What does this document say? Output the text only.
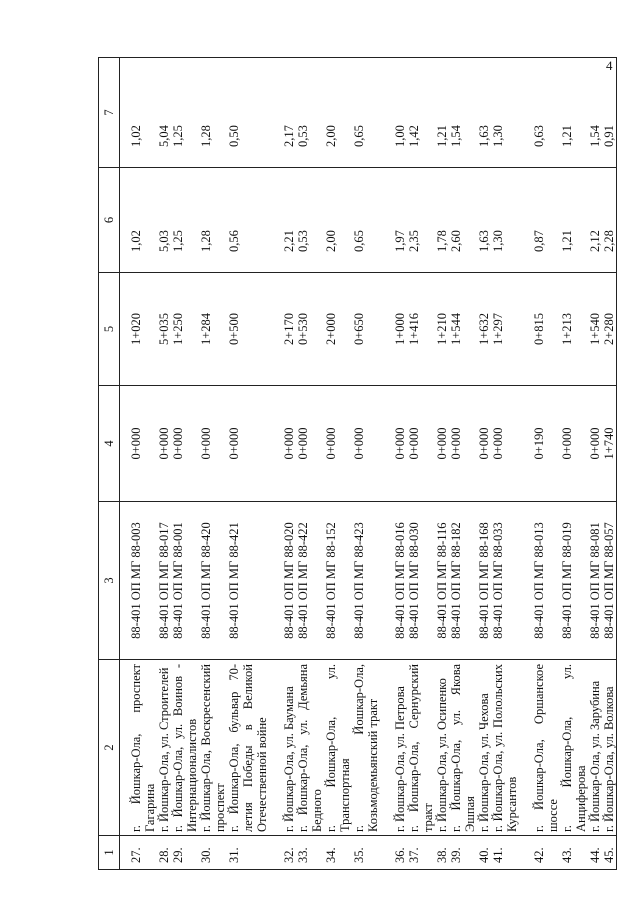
4
1	2	3	4	5	6	7

27.	г. Йошкар-Ола, проспект Гагарина	88-401 ОП МГ 88-003	0+000	1+020	1,02	1,02
28.	г. Йошкар-Ола, ул. Строителей	88-401 ОП МГ 88-017	0+000	5+035	5,03	5,04
29.	г. Йошкар-Ола, ул. Воинов - Интернационалистов	88-401 ОП МГ 88-001	0+000	1+250	1,25	1,25
30.	г. Йошкар-Ола, Воскресенский проспект	88-401 ОП МГ 88-420	0+000	1+284	1,28	1,28
31.	г. Йошкар-Ола, бульвар 70-летия Победы в Великой Отечественной войне	88-401 ОП МГ 88-421	0+000	0+500	0,56	0,50

32.	г. Йошкар-Ола, ул. Баумана	88-401 ОП МГ 88-020	0+000	2+170	2,21	2,17
33.	г. Йошкар-Ола, ул. Демьяна Бедного	88-401 ОП МГ 88-422	0+000	0+530	0,53	0,53
34.	г. Йошкар-Ола, ул. Транспортная	88-401 ОП МГ 88-152	0+000	2+000	2,00	2,00
35.	г. Йошкар-Ола, Козьмодемьянский тракт	88-401 ОП МГ 88-423	0+000	0+650	0,65	0,65

36.	г. Йошкар-Ола, ул. Петрова	88-401 ОП МГ 88-016	0+000	1+000	1,97	1,00
37.	г. Йошкар-Ола, Сернурский тракт	88-401 ОП МГ 88-030	0+000	1+416	2,35	1,42
38.	г. Йошкар-Ола, ул. Осипенко	88-401 ОП МГ 88-116	0+000	1+210	1,78	1,21
39.	г. Йошкар-Ола, ул. Якова Эшпая	88-401 ОП МГ 88-182	0+000	1+544	2,60	1,54
40.	г. Йошкар-Ола, ул. Чехова	88-401 ОП МГ 88-168	0+000	1+632	1,63	1,63
41.	г. Йошкар-Ола, ул. Полольских Курсантов	88-401 ОП МГ 88-033	0+000	1+297	1,30	1,30

42.	г. Йошкар-Ола, Оршанское шоссе	88-401 ОП МГ 88-013	0+190	0+815	0,87	0,63
43.	г. Йошкар-Ола, ул. Анциферова	88-401 ОП МГ 88-019	0+000	1+213	1,21	1,21
44.	г. Йошкар-Ола, ул. Зарубина	88-401 ОП МГ 88-081	0+000	1+540	2,12	1,54
45.	г. Йошкар-Ола, ул. Волкова	88-401 ОП МГ 88-057	1+740	2+280	2,28	0,91
